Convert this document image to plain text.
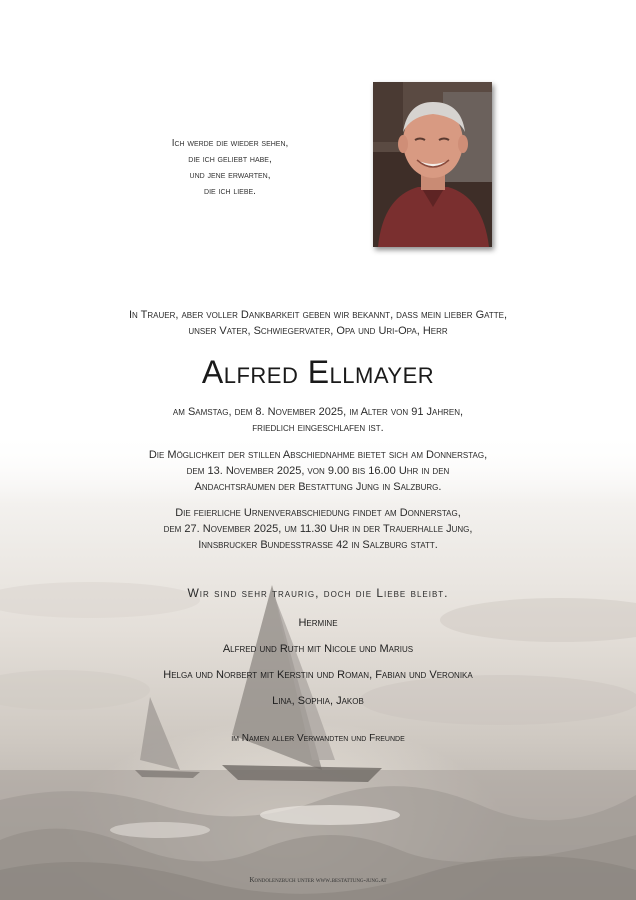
Ich werde die wieder sehen,
die ich geliebt habe,
und jene erwarten,
die ich liebe.
In Trauer, aber voller Dankbarkeit geben wir bekannt, dass mein lieber Gatte,
unser Vater, Schwiegervater, Opa und Uri-Opa, Herr
Alfred Ellmayer
am Samstag, dem 8. November 2025, im Alter von 91 Jahren,
friedlich eingeschlafen ist.
Die Möglichkeit der stillen Abschiednahme bietet sich am Donnerstag,
dem 13. November 2025, von 9.00 bis 16.00 Uhr in den
Andachtsräumen der Bestattung Jung in Salzburg.
Die feierliche Urnenverabschiedung findet am Donnerstag,
dem 27. November 2025, um 11.30 Uhr in der Trauerhalle Jung,
Innsbrucker Bundesstrasse 42 in Salzburg statt.
Wir sind sehr traurig, doch die Liebe bleibt.
Hermine
Alfred und Ruth mit Nicole und Marius
Helga und Norbert mit Kerstin und Roman, Fabian und Veronika
Lina, Sophia, Jakob
im Namen aller Verwandten und Freunde
Kondolenzbuch unter www.bestattung-jung.at
